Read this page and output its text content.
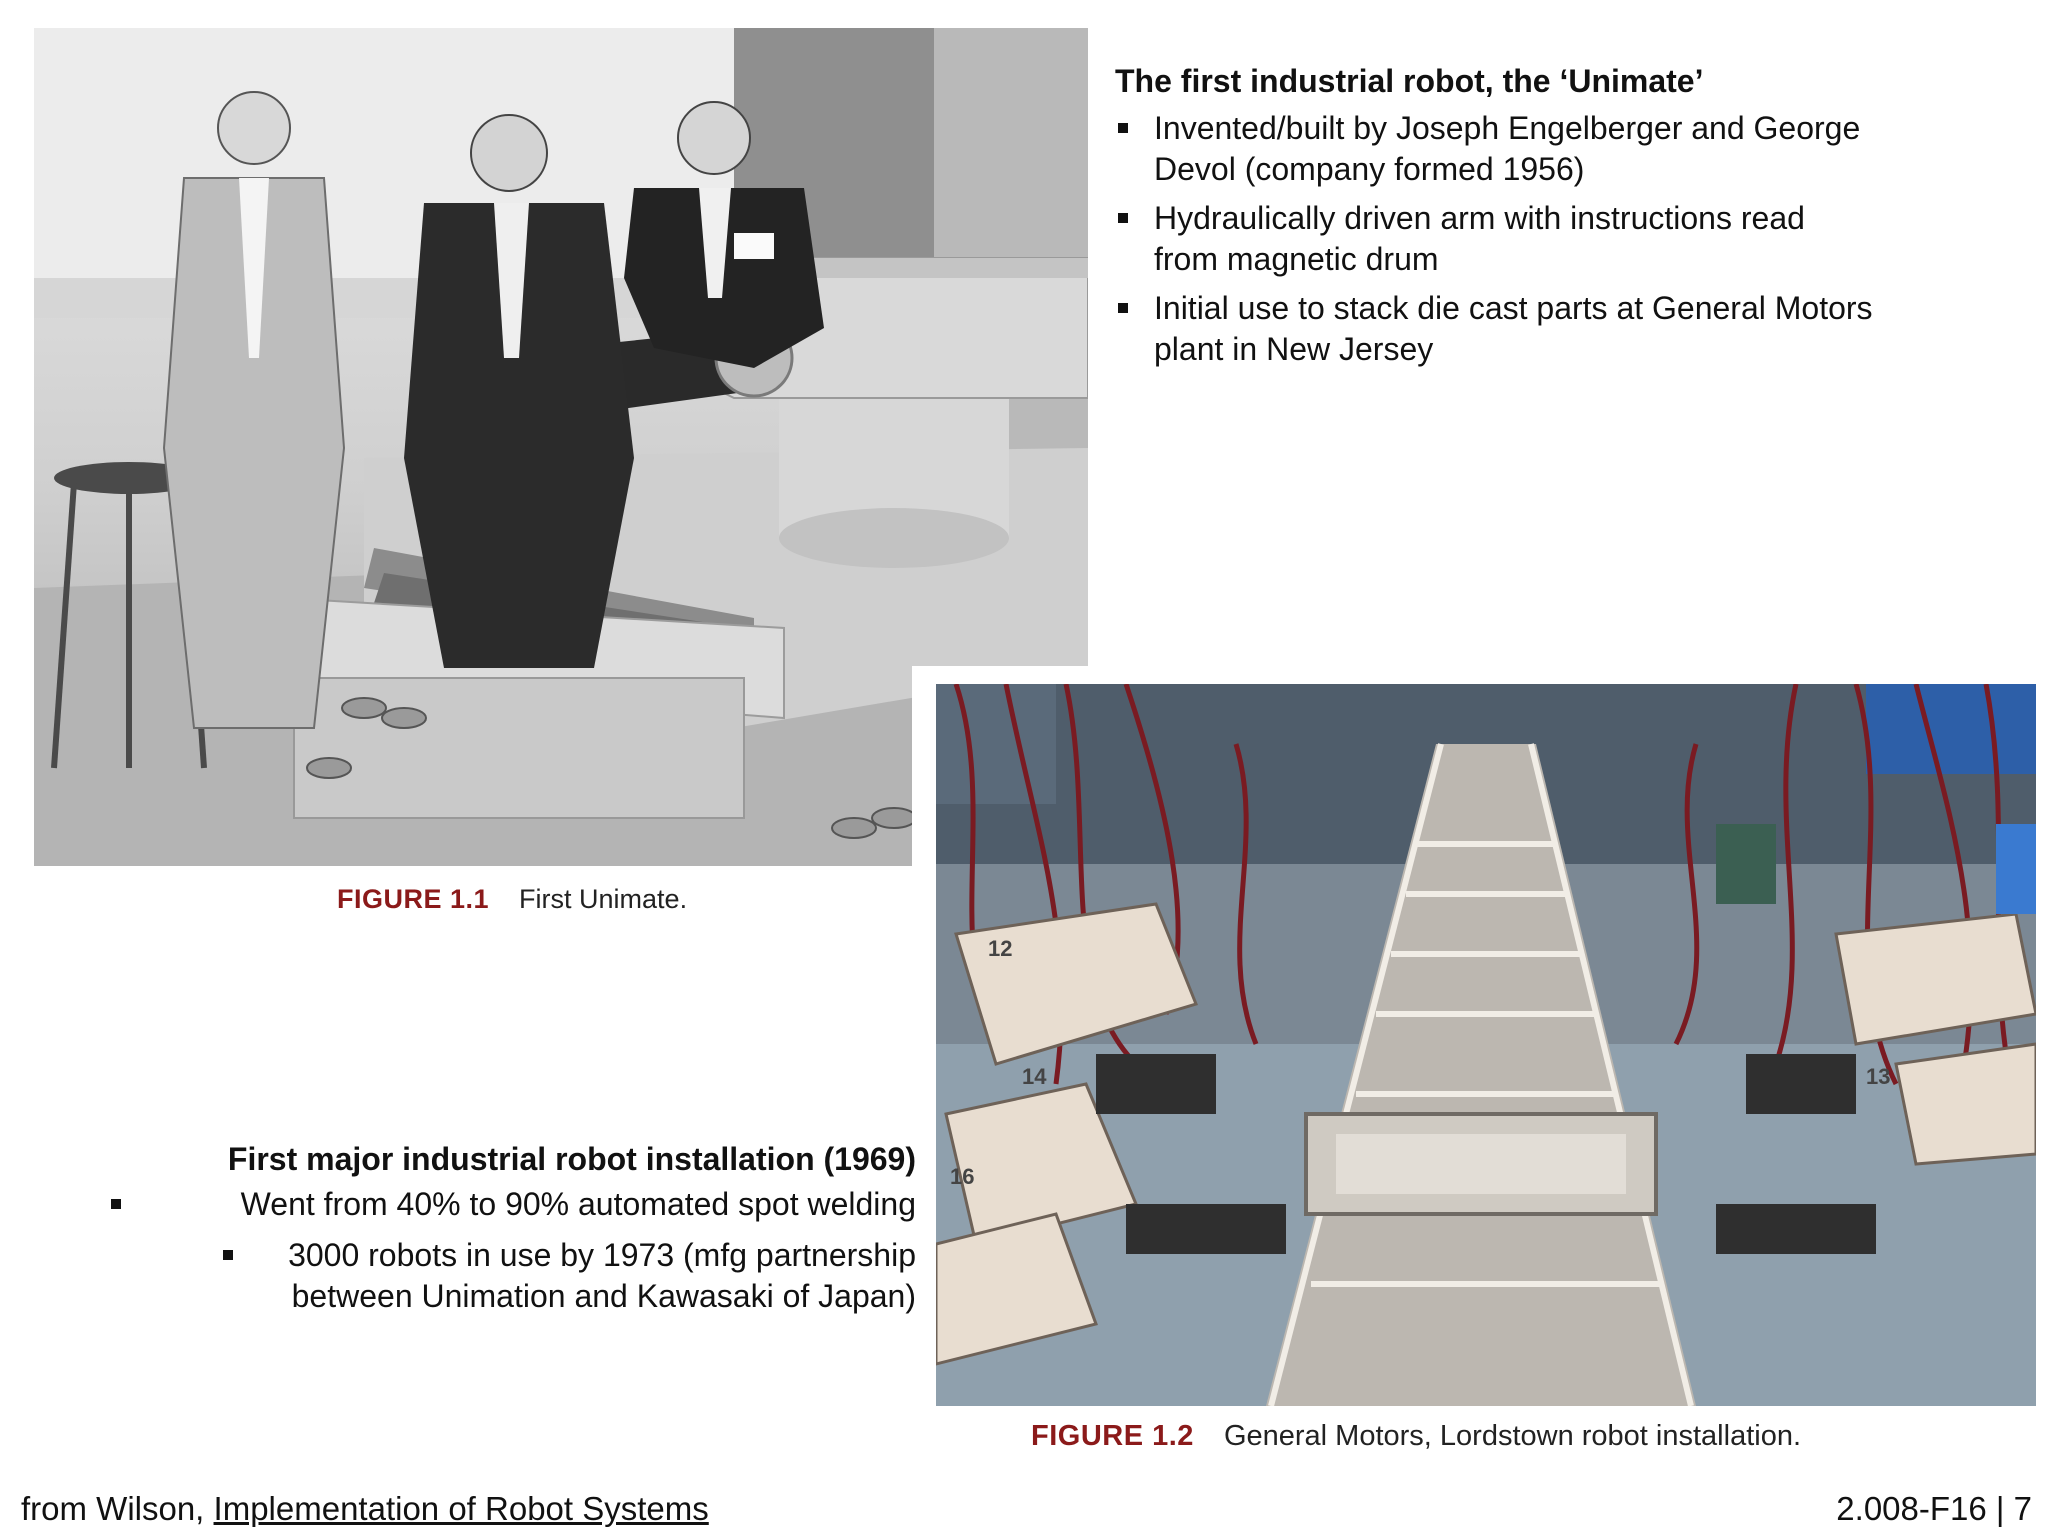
FIGURE 1.1 First Unimate.
The first industrial robot, the ‘Unimate’
Invented/built by Joseph Engelberger and George Devol (company formed 1956)
Hydraulically driven arm with instructions read from magnetic drum
Initial use to stack die cast parts at General Motors plant in New Jersey
12
14
16
13
FIGURE 1.2 General Motors, Lordstown robot installation.
First major industrial robot installation (1969)
Went from 40% to 90% automated spot welding
3000 robots in use by 1973 (mfg partnership
between Unimation and Kawasaki of Japan)
from Wilson, Implementation of Robot Systems	2.008-F16 | 7
